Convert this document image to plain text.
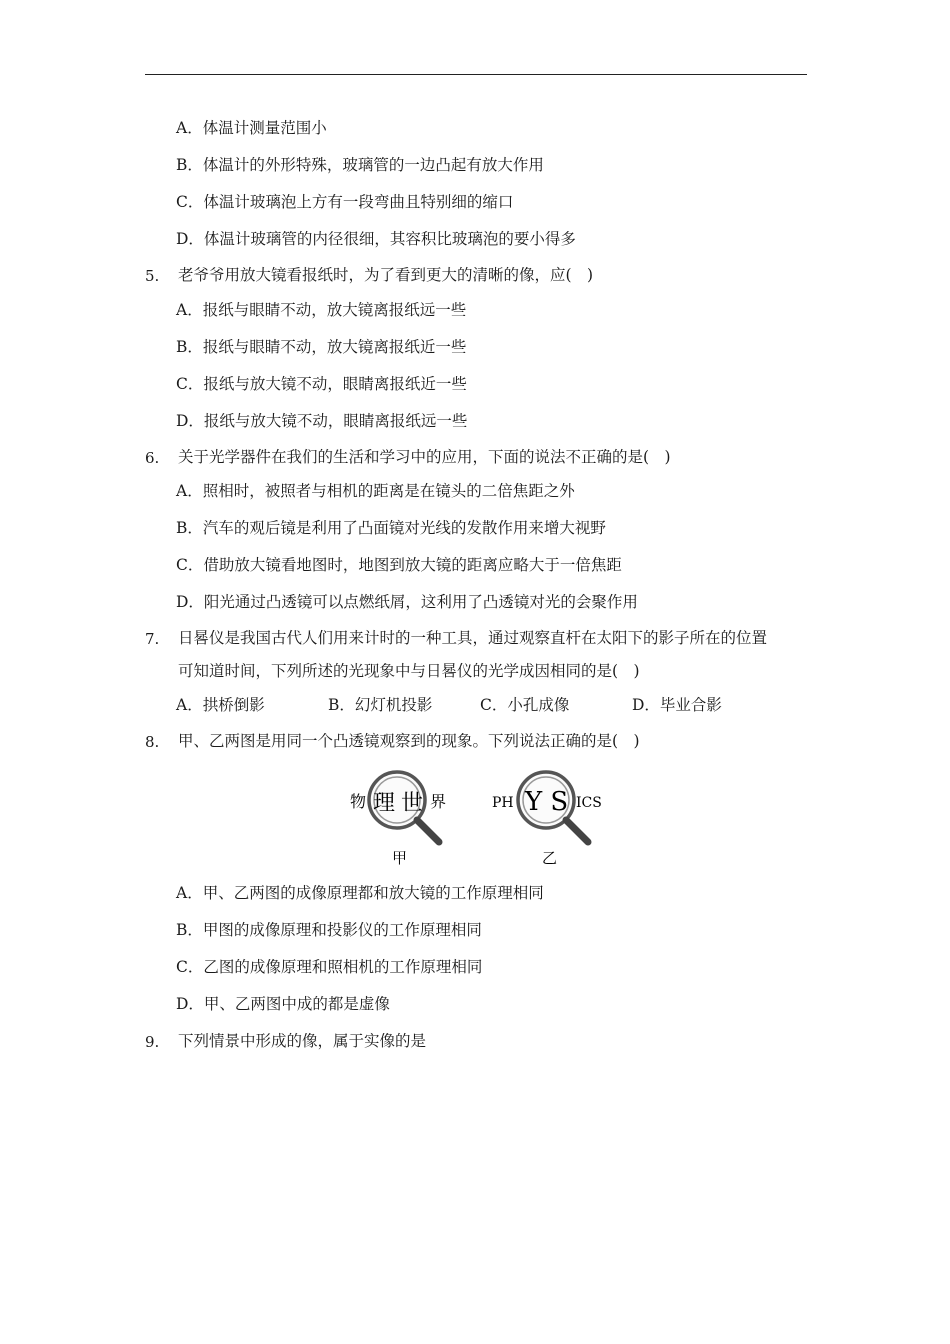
A．体温计测量范围小
B．体温计的外形特殊，玻璃管的一边凸起有放大作用
C．体温计玻璃泡上方有一段弯曲且特别细的缩口
D．体温计玻璃管的内径很细，其容积比玻璃泡的要小得多
5. 老爷爷用放大镜看报纸时，为了看到更大的清晰的像，应(　)
A．报纸与眼睛不动，放大镜离报纸远一些
B．报纸与眼睛不动，放大镜离报纸近一些
C．报纸与放大镜不动，眼睛离报纸近一些
D．报纸与放大镜不动，眼睛离报纸远一些
6. 关于光学器件在我们的生活和学习中的应用，下面的说法不正确的是(　)
A．照相时，被照者与相机的距离是在镜头的二倍焦距之外
B．汽车的观后镜是利用了凸面镜对光线的发散作用来增大视野
C．借助放大镜看地图时，地图到放大镜的距离应略大于一倍焦距
D．阳光通过凸透镜可以点燃纸屑，这利用了凸透镜对光的会聚作用
7. 日晷仪是我国古代人们用来计时的一种工具，通过观察直杆在太阳下的影子所在的位置
可知道时间，下列所述的光现象中与日晷仪的光学成因相同的是(　)
A．拱桥倒影	B．幻灯机投影	C．小孔成像	D．毕业合影
8. 甲、乙两图是用同一个凸透镜观察到的现象。下列说法正确的是(　)
物 理 世 界
甲
PH Y S ICS
乙
A．甲、乙两图的成像原理都和放大镜的工作原理相同
B．甲图的成像原理和投影仪的工作原理相同
C．乙图的成像原理和照相机的工作原理相同
D．甲、乙两图中成的都是虚像
9. 下列情景中形成的像，属于实像的是
